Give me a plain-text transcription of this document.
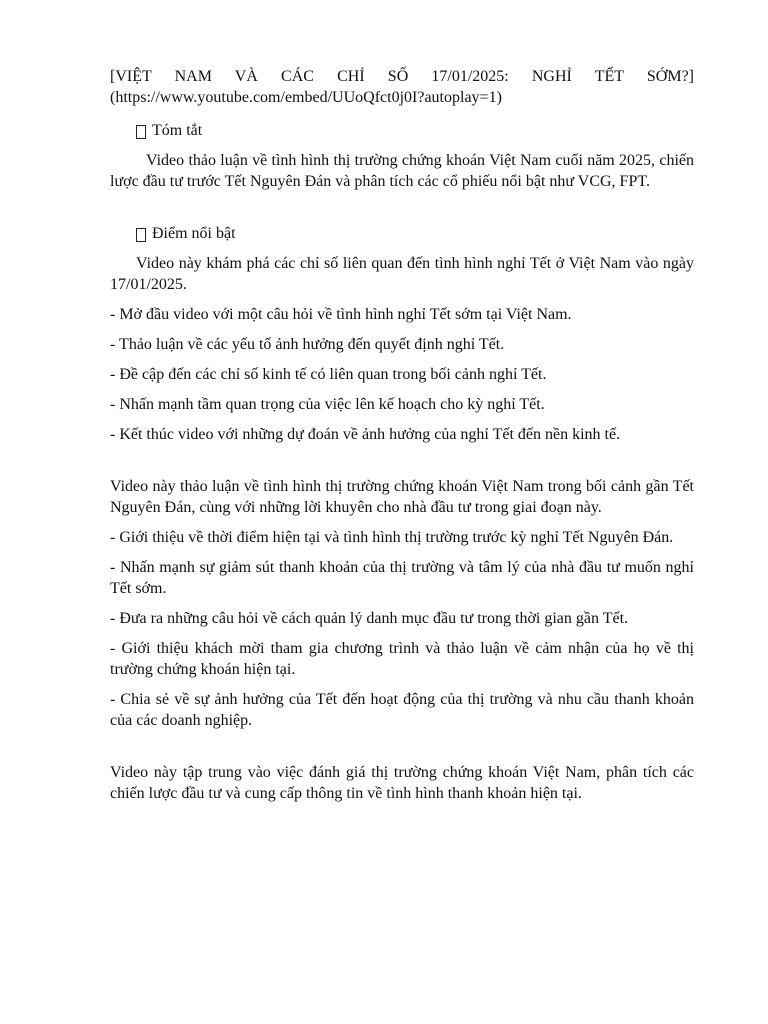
[VIỆT NAM VÀ CÁC CHỈ SỐ 17/01/2025: NGHỈ TẾT SỚM?]
(https://www.youtube.com/embed/UUoQfct0j0I?autoplay=1)

Tóm tắt

Video thảo luận về tình hình thị trường chứng khoán Việt Nam cuối năm 2025, chiến lược đầu tư trước Tết Nguyên Đán và phân tích các cổ phiếu nổi bật như VCG, FPT.

Điểm nổi bật

Video này khám phá các chỉ số liên quan đến tình hình nghỉ Tết ở Việt Nam vào ngày 17/01/2025.

- Mở đầu video với một câu hỏi về tình hình nghỉ Tết sớm tại Việt Nam.

- Thảo luận về các yếu tố ảnh hưởng đến quyết định nghỉ Tết.

- Đề cập đến các chỉ số kinh tế có liên quan trong bối cảnh nghỉ Tết.

- Nhấn mạnh tầm quan trọng của việc lên kế hoạch cho kỳ nghỉ Tết.

- Kết thúc video với những dự đoán về ảnh hưởng của nghỉ Tết đến nền kinh tế.

Video này thảo luận về tình hình thị trường chứng khoán Việt Nam trong bối cảnh gần Tết Nguyên Đán, cùng với những lời khuyên cho nhà đầu tư trong giai đoạn này.

- Giới thiệu về thời điểm hiện tại và tình hình thị trường trước kỳ nghỉ Tết Nguyên Đán.

- Nhấn mạnh sự giảm sút thanh khoản của thị trường và tâm lý của nhà đầu tư muốn nghỉ Tết sớm.

- Đưa ra những câu hỏi về cách quản lý danh mục đầu tư trong thời gian gần Tết.

- Giới thiệu khách mời tham gia chương trình và thảo luận về cảm nhận của họ về thị trường chứng khoán hiện tại.

- Chia sẻ về sự ảnh hưởng của Tết đến hoạt động của thị trường và nhu cầu thanh khoản của các doanh nghiệp.

Video này tập trung vào việc đánh giá thị trường chứng khoán Việt Nam, phân tích các chiến lược đầu tư và cung cấp thông tin về tình hình thanh khoản hiện tại.
